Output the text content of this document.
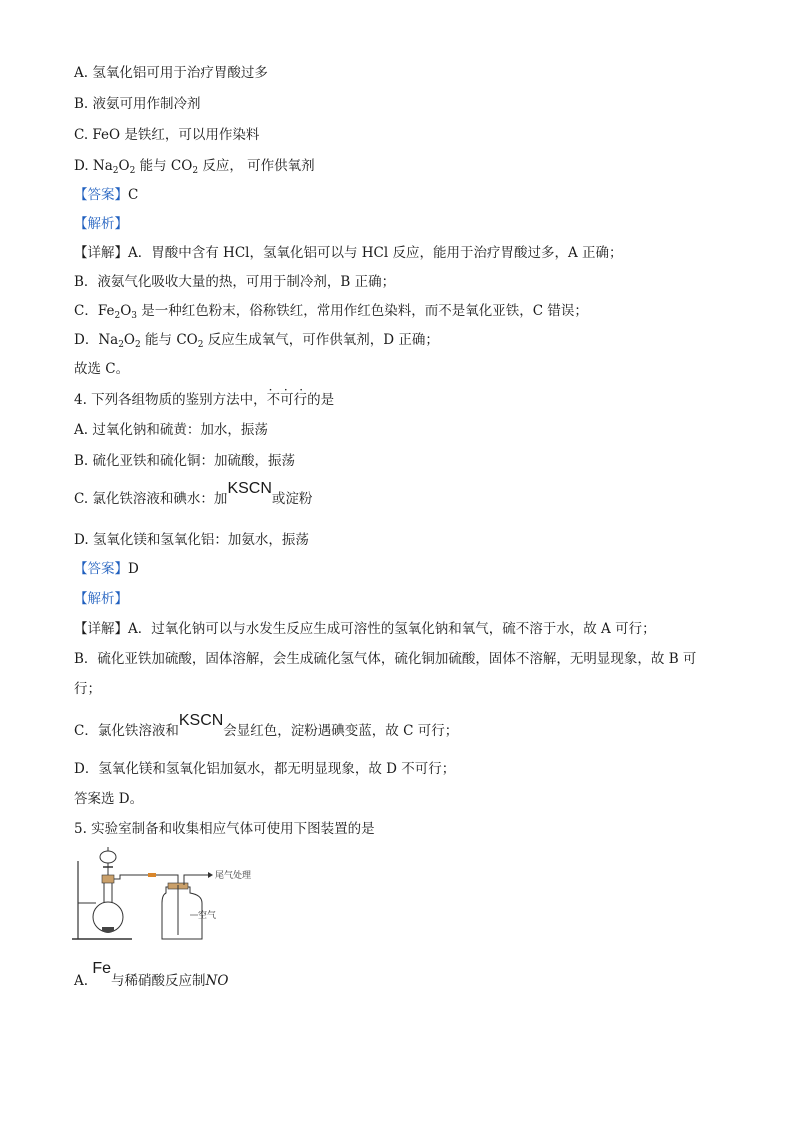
A. 氢氧化铝可用于治疗胃酸过多
B. 液氨可用作制冷剂
C. FeO 是铁红，可以用作染料
D. $Na_2O_2$ 能与 $CO_2$ 反应， 可作供氧剂
【答案】C
【解析】
【详解】A．胃酸中含有 HCl，氢氧化铝可以与 HCl 反应，能用于治疗胃酸过多，A 正确；
B．液氨气化吸收大量的热，可用于制冷剂，B 正确；
C．$Fe_2O_3$ 是一种红色粉末，俗称铁红，常用作红色染料，而不是氧化亚铁，C 错误；
D．$Na_2O_2$ 能与 $CO_2$ 反应生成氧气，可作供氧剂，D 正确；
故选 C。
4. 下列各组物质的鉴别方法中，· · 不可行的是
A. 过氧化钠和硫黄：加水，振荡
B. 硫化亚铁和硫化铜：加硫酸，振荡
C. 氯化铁溶液和碘水：加KSCN或淀粉
D. 氢氧化镁和氢氧化铝：加氨水，振荡
【答案】D
【解析】
【详解】A．过氧化钠可以与水发生反应生成可溶性的氢氧化钠和氧气，硫不溶于水，故 A 可行；
B．硫化亚铁加硫酸，固体溶解，会生成硫化氢气体，硫化铜加硫酸，固体不溶解，无明显现象，故 B 可
行；
C．氯化铁溶液和KSCN会显红色，淀粉遇碘变蓝，故 C 可行；
D．氢氧化镁和氢氧化铝加氨水，都无明显现象，故 D 不可行；
答案选 D。
5. 实验室制备和收集相应气体可使用下图装置的是
尾气处理
空气
A. Fe与稀硝酸反应制NO
